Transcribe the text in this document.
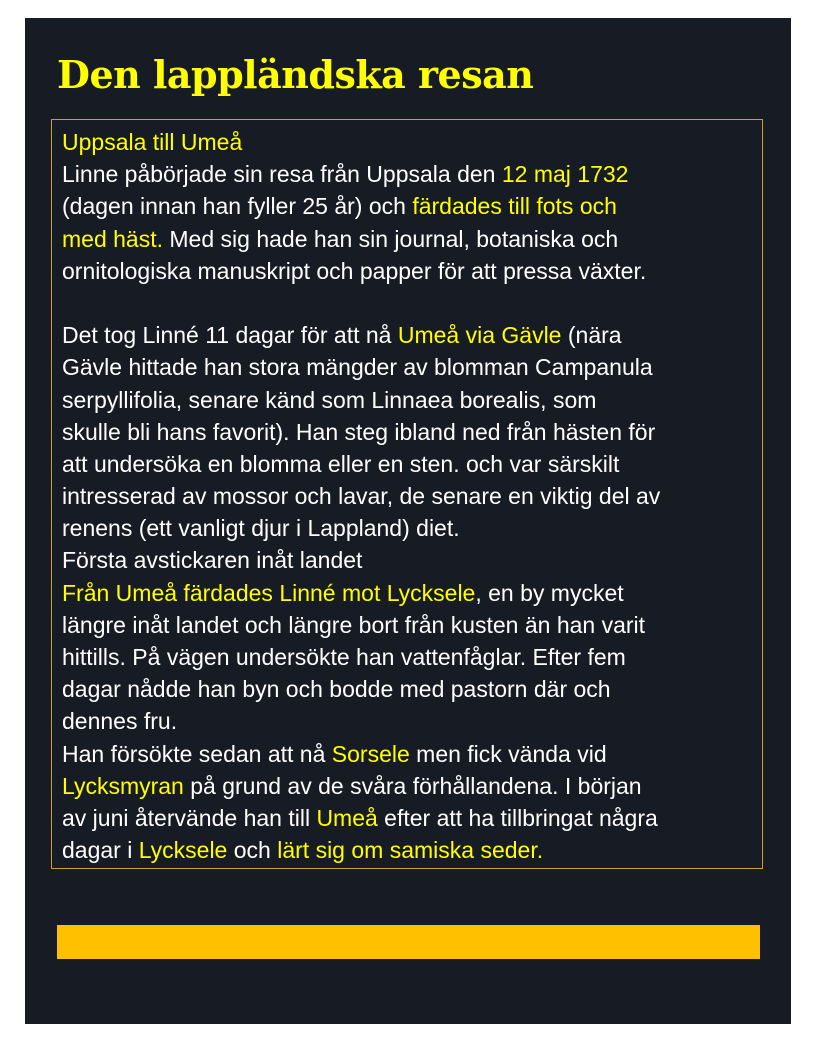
Den lappländska resan
Uppsala till Umeå
Linne påbörjade sin resa från Uppsala den 12 maj 1732
(dagen innan han fyller 25 år) och färdades till fots och
med häst. Med sig hade han sin journal, botaniska och
ornitologiska manuskript och papper för att pressa växter.
Det tog Linné 11 dagar för att nå Umeå via Gävle (nära
Gävle hittade han stora mängder av blomman Campanula
serpyllifolia, senare känd som Linnaea borealis, som
skulle bli hans favorit). Han steg ibland ned från hästen för
att undersöka en blomma eller en sten. och var särskilt
intresserad av mossor och lavar, de senare en viktig del av
renens (ett vanligt djur i Lappland) diet.
Första avstickaren inåt landet
Från Umeå färdades Linné mot Lycksele, en by mycket
längre inåt landet och längre bort från kusten än han varit
hittills. På vägen undersökte han vattenfåglar. Efter fem
dagar nådde han byn och bodde med pastorn där och
dennes fru.
Han försökte sedan att nå Sorsele men fick vända vid
Lycksmyran på grund av de svåra förhållandena. I början
av juni återvände han till Umeå efter att ha tillbringat några
dagar i Lycksele och lärt sig om samiska seder.
